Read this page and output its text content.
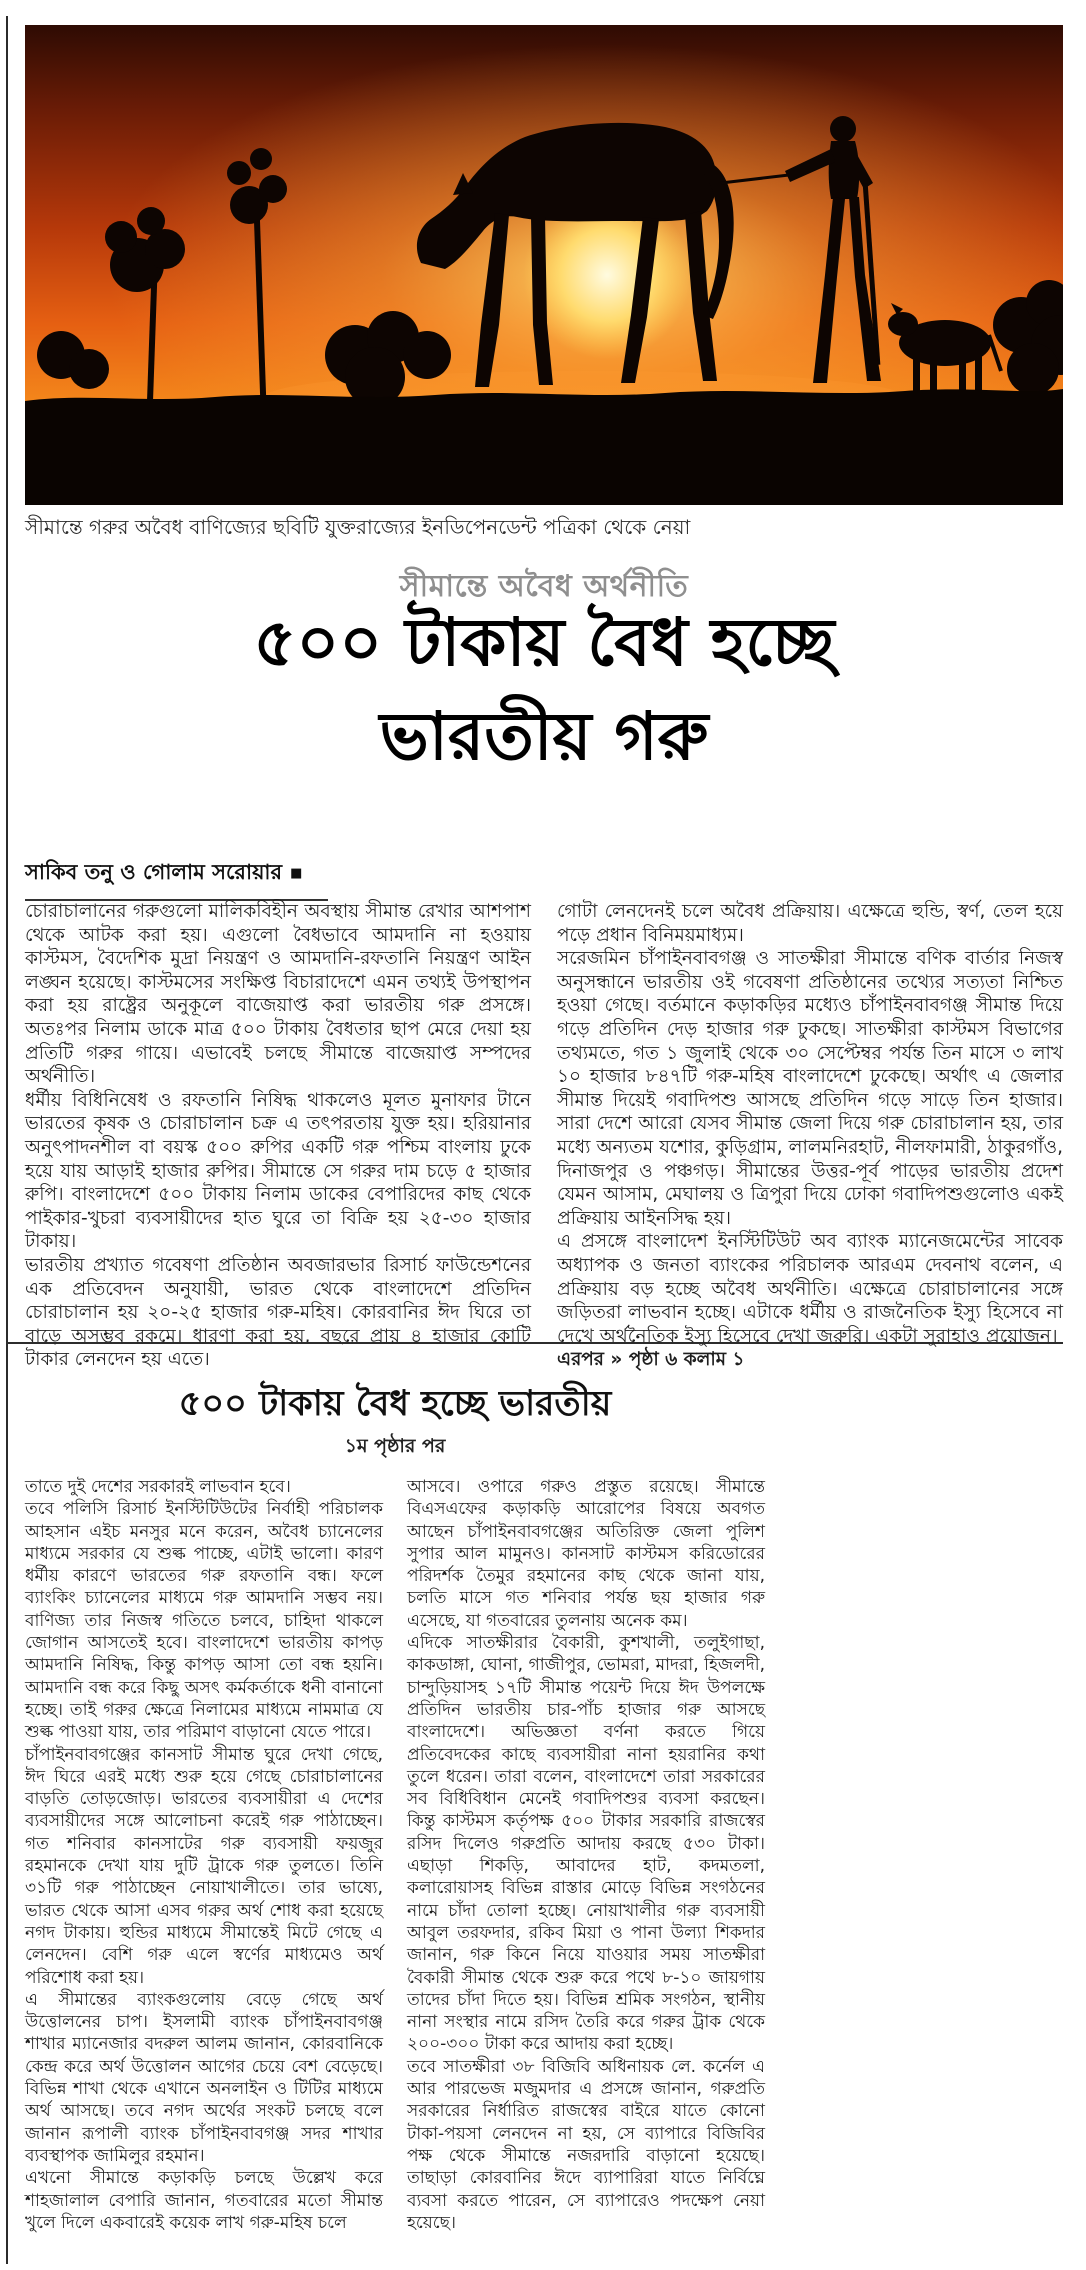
সীমান্তে গরুর অবৈধ বাণিজ্যের ছবিটি যুক্তরাজ্যের ইনডিপেনডেন্ট পত্রিকা থেকে নেয়া

সীমান্তে অবৈধ অর্থনীতি
৫০০ টাকায় বৈধ হচ্ছে
ভারতীয় গরু
সাকিব তনু ও গোলাম সরোয়ার ■

চোরাচালানের গরুগুলো মালিকবিহীন অবস্থায় সীমান্ত রেখার আশপাশ থেকে আটক করা হয়। এগুলো বৈধভাবে আমদানি না হওয়ায় কাস্টমস, বৈদেশিক মুদ্রা নিয়ন্ত্রণ ও আমদানি-রফতানি নিয়ন্ত্রণ আইন লঙ্ঘন হয়েছে। কাস্টমসের সংক্ষিপ্ত বিচারাদেশে এমন তথ্যই উপস্থাপন করা হয় রাষ্ট্রের অনুকূলে বাজেয়াপ্ত করা ভারতীয় গরু প্রসঙ্গে। অতঃপর নিলাম ডাকে মাত্র ৫০০ টাকায় বৈধতার ছাপ মেরে দেয়া হয় প্রতিটি গরুর গায়ে। এভাবেই চলছে সীমান্তে বাজেয়াপ্ত সম্পদের অর্থনীতি।

ধর্মীয় বিধিনিষেধ ও রফতানি নিষিদ্ধ থাকলেও মূলত মুনাফার টানে ভারতের কৃষক ও চোরাচালান চক্র এ তৎপরতায় যুক্ত হয়। হরিয়ানার অনুৎপাদনশীল বা বয়স্ক ৫০০ রুপির একটি গরু পশ্চিম বাংলায় ঢুকে হয়ে যায় আড়াই হাজার রুপির। সীমান্তে সে গরুর দাম চড়ে ৫ হাজার রুপি। বাংলাদেশে ৫০০ টাকায় নিলাম ডাকের বেপারিদের কাছ থেকে পাইকার-খুচরা ব্যবসায়ীদের হাত ঘুরে তা বিক্রি হয় ২৫-৩০ হাজার টাকায়।

ভারতীয় প্রখ্যাত গবেষণা প্রতিষ্ঠান অবজারভার রিসার্চ ফাউন্ডেশনের এক প্রতিবেদন অনুযায়ী, ভারত থেকে বাংলাদেশে প্রতিদিন চোরাচালান হয় ২০-২৫ হাজার গরু-মহিষ। কোরবানির ঈদ ঘিরে তা বাড়ে অসম্ভব রকমে। ধারণা করা হয়, বছরে প্রায় ৪ হাজার কোটি টাকার লেনদেন হয় এতে।

গোটা লেনদেনই চলে অবৈধ প্রক্রিয়ায়। এক্ষেত্রে হুন্ডি, স্বর্ণ, তেল হয়ে পড়ে প্রধান বিনিময়মাধ্যম।

সরেজমিন চাঁপাইনবাবগঞ্জ ও সাতক্ষীরা সীমান্তে বণিক বার্তার নিজস্ব অনুসন্ধানে ভারতীয় ওই গবেষণা প্রতিষ্ঠানের তথ্যের সত্যতা নিশ্চিত হওয়া গেছে। বর্তমানে কড়াকড়ির মধ্যেও চাঁপাইনবাবগঞ্জ সীমান্ত দিয়ে গড়ে প্রতিদিন দেড় হাজার গরু ঢুকছে। সাতক্ষীরা কাস্টমস বিভাগের তথ্যমতে, গত ১ জুলাই থেকে ৩০ সেপ্টেম্বর পর্যন্ত তিন মাসে ৩ লাখ ১০ হাজার ৮৪৭টি গরু-মহিষ বাংলাদেশে ঢুকেছে। অর্থাৎ এ জেলার সীমান্ত দিয়েই গবাদিপশু আসছে প্রতিদিন গড়ে সাড়ে তিন হাজার। সারা দেশে আরো যেসব সীমান্ত জেলা দিয়ে গরু চোরাচালান হয়, তার মধ্যে অন্যতম যশোর, কুড়িগ্রাম, লালমনিরহাট, নীলফামারী, ঠাকুরগাঁও, দিনাজপুর ও পঞ্চগড়। সীমান্তের উত্তর-পূর্ব পাড়ের ভারতীয় প্রদেশ যেমন আসাম, মেঘালয় ও ত্রিপুরা দিয়ে ঢোকা গবাদিপশুগুলোও একই প্রক্রিয়ায় আইনসিদ্ধ হয়।

এ প্রসঙ্গে বাংলাদেশ ইনস্টিটিউট অব ব্যাংক ম্যানেজমেন্টের সাবেক অধ্যাপক ও জনতা ব্যাংকের পরিচালক আরএম দেবনাথ বলেন, এ প্রক্রিয়ায় বড় হচ্ছে অবৈধ অর্থনীতি। এক্ষেত্রে চোরাচালানের সঙ্গে জড়িতরা লাভবান হচ্ছে। এটাকে ধর্মীয় ও রাজনৈতিক ইস্যু হিসেবে না দেখে অর্থনৈতিক ইস্যু হিসেবে দেখা জরুরি। একটা সুরাহাও প্রয়োজন।

এরপর » পৃষ্ঠা ৬ কলাম ১

৫০০ টাকায় বৈধ হচ্ছে ভারতীয়
১ম পৃষ্ঠার পর

তাতে দুই দেশের সরকারই লাভবান হবে।

তবে পলিসি রিসার্চ ইনস্টিটিউটের নির্বাহী পরিচালক আহসান এইচ মনসুর মনে করেন, অবৈধ চ্যানেলের মাধ্যমে সরকার যে শুল্ক পাচ্ছে, এটাই ভালো। কারণ ধর্মীয় কারণে ভারতের গরু রফতানি বন্ধ। ফলে ব্যাংকিং চ্যানেলের মাধ্যমে গরু আমদানি সম্ভব নয়। বাণিজ্য তার নিজস্ব গতিতে চলবে, চাহিদা থাকলে জোগান আসতেই হবে। বাংলাদেশে ভারতীয় কাপড় আমদানি নিষিদ্ধ, কিন্তু কাপড় আসা তো বন্ধ হয়নি। আমদানি বন্ধ করে কিছু অসৎ কর্মকর্তাকে ধনী বানানো হচ্ছে। তাই গরুর ক্ষেত্রে নিলামের মাধ্যমে নামমাত্র যে শুল্ক পাওয়া যায়, তার পরিমাণ বাড়ানো যেতে পারে।

চাঁপাইনবাবগঞ্জের কানসাট সীমান্ত ঘুরে দেখা গেছে, ঈদ ঘিরে এরই মধ্যে শুরু হয়ে গেছে চোরাচালানের বাড়তি তোড়জোড়। ভারতের ব্যবসায়ীরা এ দেশের ব্যবসায়ীদের সঙ্গে আলোচনা করেই গরু পাঠাচ্ছেন। গত শনিবার কানসাটের গরু ব্যবসায়ী ফয়জুর রহমানকে দেখা যায় দুটি ট্রাকে গরু তুলতে। তিনি ৩১টি গরু পাঠাচ্ছেন নোয়াখালীতে। তার ভাষ্যে, ভারত থেকে আসা এসব গরুর অর্থ শোধ করা হয়েছে নগদ টাকায়। হুন্ডির মাধ্যমে সীমান্তেই মিটে গেছে এ লেনদেন। বেশি গরু এলে স্বর্ণের মাধ্যমেও অর্থ পরিশোধ করা হয়।

এ সীমান্তের ব্যাংকগুলোয় বেড়ে গেছে অর্থ উত্তোলনের চাপ। ইসলামী ব্যাংক চাঁপাইনবাবগঞ্জ শাখার ম্যানেজার বদরুল আলম জানান, কোরবানিকে কেন্দ্র করে অর্থ উত্তোলন আগের চেয়ে বেশ বেড়েছে। বিভিন্ন শাখা থেকে এখানে অনলাইন ও টিটির মাধ্যমে অর্থ আসছে। তবে নগদ অর্থের সংকট চলছে বলে জানান রূপালী ব্যাংক চাঁপাইনবাবগঞ্জ সদর শাখার ব্যবস্থাপক জামিলুর রহমান।

এখনো সীমান্তে কড়াকড়ি চলছে উল্লেখ করে শাহজালাল বেপারি জানান, গতবারের মতো সীমান্ত খুলে দিলে একবারেই কয়েক লাখ গরু-মহিষ চলে

আসবে। ওপারে গরুও প্রস্তুত রয়েছে। সীমান্তে বিএসএফের কড়াকড়ি আরোপের বিষয়ে অবগত আছেন চাঁপাইনবাবগঞ্জের অতিরিক্ত জেলা পুলিশ সুপার আল মামুনও। কানসাট কাস্টমস করিডোরের পরিদর্শক তৈমুর রহমানের কাছ থেকে জানা যায়, চলতি মাসে গত শনিবার পর্যন্ত ছয় হাজার গরু এসেছে, যা গতবারের তুলনায় অনেক কম।

এদিকে সাতক্ষীরার বৈকারী, কুশখালী, তলুইগাছা, কাকডাঙ্গা, ঘোনা, গাজীপুর, ভোমরা, মাদরা, হিজলদী, চান্দুড়িয়াসহ ১৭টি সীমান্ত পয়েন্ট দিয়ে ঈদ উপলক্ষে প্রতিদিন ভারতীয় চার-পাঁচ হাজার গরু আসছে বাংলাদেশে। অভিজ্ঞতা বর্ণনা করতে গিয়ে প্রতিবেদকের কাছে ব্যবসায়ীরা নানা হয়রানির কথা তুলে ধরেন। তারা বলেন, বাংলাদেশে তারা সরকারের সব বিধিবিধান মেনেই গবাদিপশুর ব্যবসা করছেন। কিন্তু কাস্টমস কর্তৃপক্ষ ৫০০ টাকার সরকারি রাজস্বের রসিদ দিলেও গরুপ্রতি আদায় করছে ৫৩০ টাকা। এছাড়া শিকড়ি, আবাদের হাট, কদমতলা, কলারোয়াসহ বিভিন্ন রাস্তার মোড়ে বিভিন্ন সংগঠনের নামে চাঁদা তোলা হচ্ছে। নোয়াখালীর গরু ব্যবসায়ী আবুল তরফদার, রকিব মিয়া ও পানা উল্যা শিকদার জানান, গরু কিনে নিয়ে যাওয়ার সময় সাতক্ষীরা বৈকারী সীমান্ত থেকে শুরু করে পথে ৮-১০ জায়গায় তাদের চাঁদা দিতে হয়। বিভিন্ন শ্রমিক সংগঠন, স্থানীয় নানা সংস্থার নামে রসিদ তৈরি করে গরুর ট্রাক থেকে ২০০-৩০০ টাকা করে আদায় করা হচ্ছে।

তবে সাতক্ষীরা ৩৮ বিজিবি অধিনায়ক লে. কর্নেল এ আর পারভেজ মজুমদার এ প্রসঙ্গে জানান, গরুপ্রতি সরকারের নির্ধারিত রাজস্বের বাইরে যাতে কোনো টাকা-পয়সা লেনদেন না হয়, সে ব্যাপারে বিজিবির পক্ষ থেকে সীমান্তে নজরদারি বাড়ানো হয়েছে। তাছাড়া কোরবানির ঈদে ব্যাপারিরা যাতে নির্বিঘ্নে ব্যবসা করতে পারেন, সে ব্যাপারেও পদক্ষেপ নেয়া হয়েছে।
